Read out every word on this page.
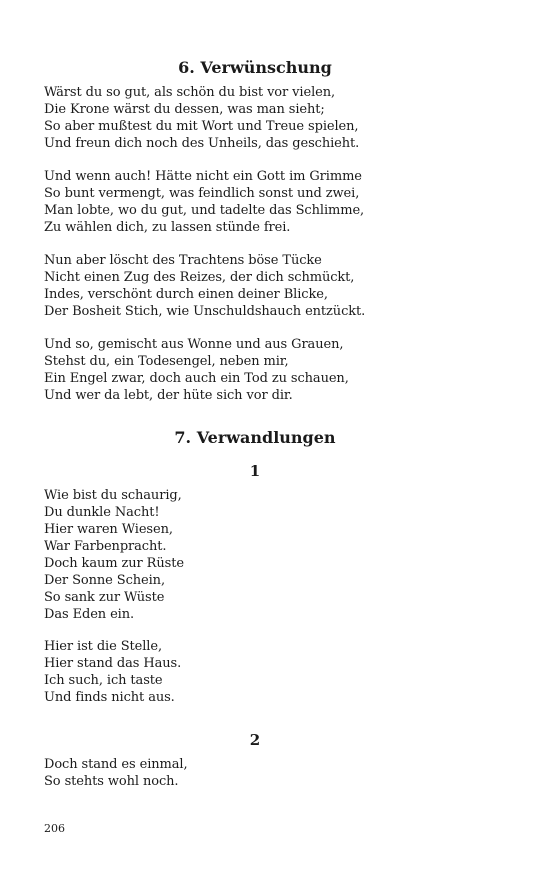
6. Verwünschung
Wärst du so gut, als schön du bist vor vielen,
Die Krone wärst du dessen, was man sieht;
So aber mußtest du mit Wort und Treue spielen,
Und freun dich noch des Unheils, das geschieht.
Und wenn auch! Hätte nicht ein Gott im Grimme
So bunt vermengt, was feindlich sonst und zwei,
Man lobte, wo du gut, und tadelte das Schlimme,
Zu wählen dich, zu lassen stünde frei.
Nun aber löscht des Trachtens böse Tücke
Nicht einen Zug des Reizes, der dich schmückt,
Indes, verschönt durch einen deiner Blicke,
Der Bosheit Stich, wie Unschuldshauch entzückt.
Und so, gemischt aus Wonne und aus Grauen,
Stehst du, ein Todesengel, neben mir,
Ein Engel zwar, doch auch ein Tod zu schauen,
Und wer da lebt, der hüte sich vor dir.
7. Verwandlungen
1
Wie bist du schaurig,
Du dunkle Nacht!
Hier waren Wiesen,
War Farbenpracht.
Doch kaum zur Rüste
Der Sonne Schein,
So sank zur Wüste
Das Eden ein.
Hier ist die Stelle,
Hier stand das Haus.
Ich such, ich taste
Und finds nicht aus.
2
Doch stand es einmal,
So stehts wohl noch.
206
